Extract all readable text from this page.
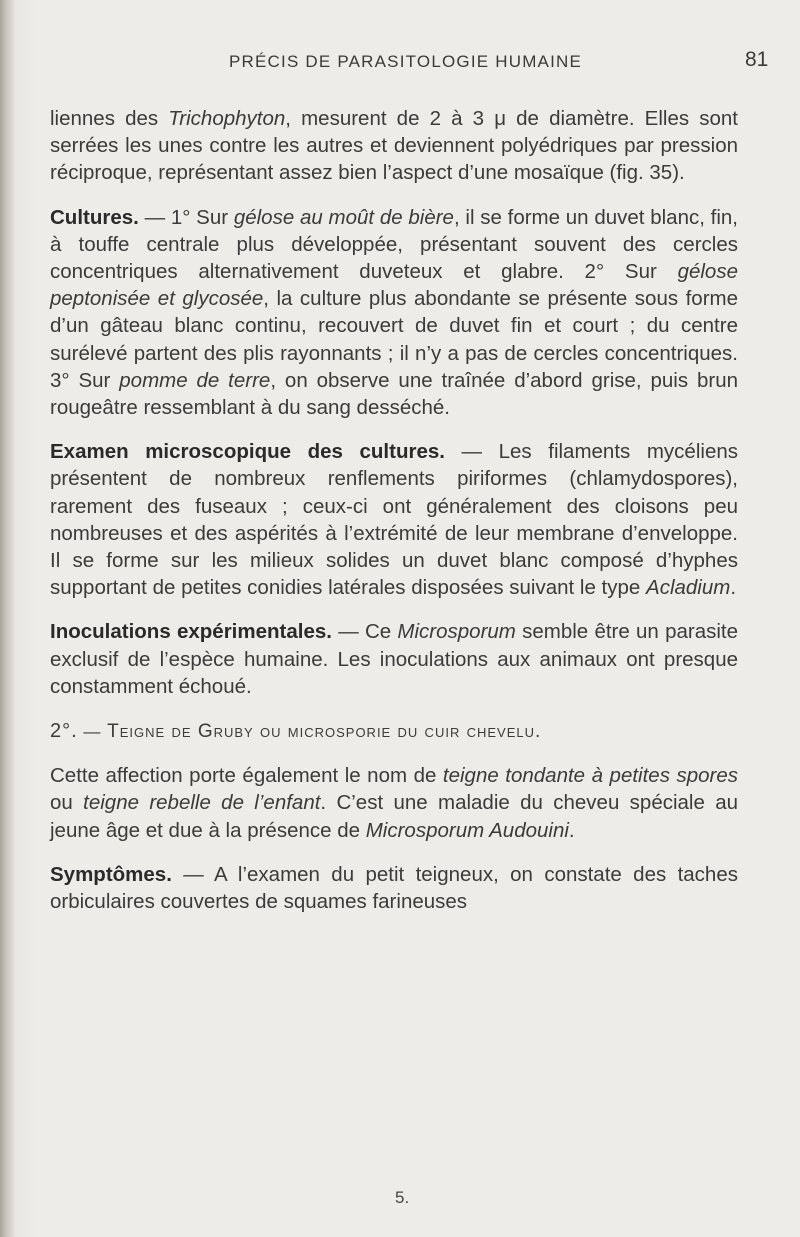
PRÉCIS DE PARASITOLOGIE HUMAINE	81

liennes des Trichophyton, mesurent de 2 à 3 μ de diamètre. Elles sont serrées les unes contre les autres et deviennent polyédriques par pression réciproque, représentant assez bien l’aspect d’une mosaïque (fig. 35).

Cultures. — 1° Sur gélose au moût de bière, il se forme un duvet blanc, fin, à touffe centrale plus développée, présentant souvent des cercles concentriques alternativement duveteux et glabre. 2° Sur gélose peptonisée et glycosée, la culture plus abondante se présente sous forme d’un gâteau blanc continu, recouvert de duvet fin et court ; du centre surélevé partent des plis rayonnants ; il n’y a pas de cercles concentriques. 3° Sur pomme de terre, on observe une traînée d’abord grise, puis brun rougeâtre ressemblant à du sang desséché.

Examen microscopique des cultures. — Les filaments mycéliens présentent de nombreux renflements piriformes (chlamydospores), rarement des fuseaux ; ceux-ci ont généralement des cloisons peu nombreuses et des aspérités à l’extrémité de leur membrane d’enveloppe. Il se forme sur les milieux solides un duvet blanc composé d’hyphes supportant de petites conidies latérales disposées suivant le type Acladium.

Inoculations expérimentales. — Ce Microsporum semble être un parasite exclusif de l’espèce humaine. Les inoculations aux animaux ont presque constamment échoué.

2°. — Teigne de Gruby ou microsporie du cuir chevelu.

Cette affection porte également le nom de teigne tondante à petites spores ou teigne rebelle de l’enfant. C’est une maladie du cheveu spéciale au jeune âge et due à la présence de Microsporum Audouini.

Symptômes. — A l’examen du petit teigneux, on constate des taches orbiculaires couvertes de squames farineuses

5.
